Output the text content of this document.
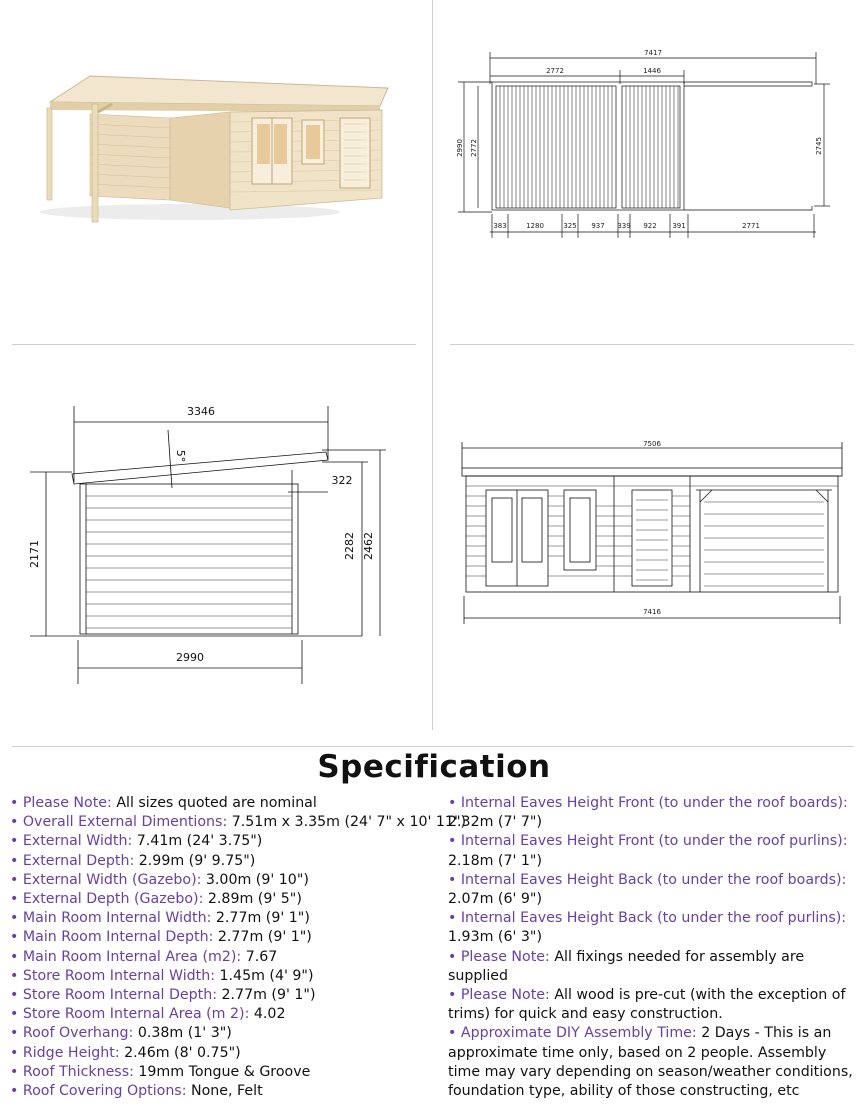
7417
2772	1446
2990 2772	2745
383	1280	325 937 339 922 391	2771
3346
5°
322
2171	2282 2462
2990
7506
7416
Specification
• Please Note: All sizes quoted are nominal
• Overall External Dimentions: 7.51m x 3.35m (24' 7" x 10' 11")
• External Width: 7.41m (24' 3.75")
• External Depth: 2.99m (9' 9.75")
• External Width (Gazebo): 3.00m (9' 10")
• External Depth (Gazebo): 2.89m (9' 5")
• Main Room Internal Width: 2.77m (9' 1")
• Main Room Internal Depth: 2.77m (9' 1")
• Main Room Internal Area (m2): 7.67
• Store Room Internal Width: 1.45m (4' 9")
• Store Room Internal Depth: 2.77m (9' 1")
• Store Room Internal Area (m 2): 4.02
• Roof Overhang: 0.38m (1' 3")
• Ridge Height: 2.46m (8' 0.75")
• Roof Thickness: 19mm Tongue & Groove
• Roof Covering Options: None, Felt
• Internal Eaves Height Front (to under the roof boards): 2.32m (7' 7")
• Internal Eaves Height Front (to under the roof purlins): 2.18m (7' 1")
• Internal Eaves Height Back (to under the roof boards): 2.07m (6' 9")
• Internal Eaves Height Back (to under the roof purlins): 1.93m (6' 3")
• Please Note: All fixings needed for assembly are supplied
• Please Note: All wood is pre-cut (with the exception of trims) for quick and easy construction.
• Approximate DIY Assembly Time: 2 Days - This is an approximate time only, based on 2 people. Assembly time may vary depending on season/weather conditions, foundation type, ability of those constructing, etc
